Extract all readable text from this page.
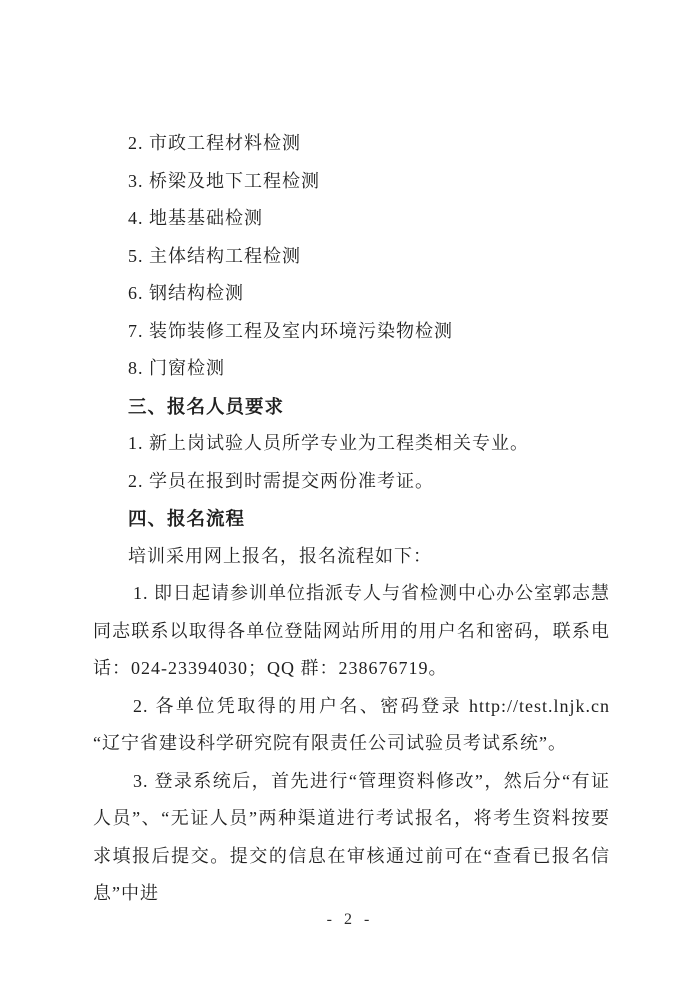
2. 市政工程材料检测
3. 桥梁及地下工程检测
4. 地基基础检测
5. 主体结构工程检测
6. 钢结构检测
7. 装饰装修工程及室内环境污染物检测
8. 门窗检测
三、报名人员要求
1. 新上岗试验人员所学专业为工程类相关专业。
2. 学员在报到时需提交两份准考证。
四、报名流程
培训采用网上报名，报名流程如下：

1. 即日起请参训单位指派专人与省检测中心办公室郭志慧同志联系以取得各单位登陆网站所用的用户名和密码，联系电话：024-23394030；QQ 群：238676719。

2. 各单位凭取得的用户名、密码登录 http://test.lnjk.cn “辽宁省建设科学研究院有限责任公司试验员考试系统”。

3. 登录系统后，首先进行“管理资料修改”，然后分“有证人员”、“无证人员”两种渠道进行考试报名，将考生资料按要求填报后提交。提交的信息在审核通过前可在“查看已报名信息”中进

- 2 -
